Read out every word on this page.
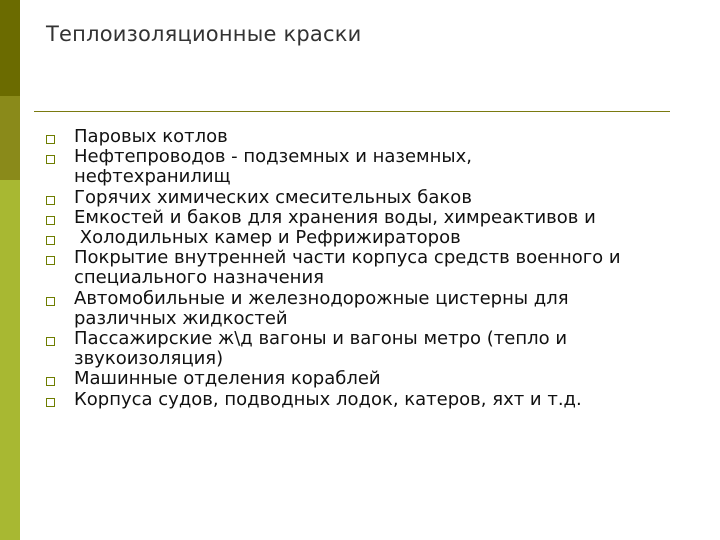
Теплоизоляционные краски
Паровых котлов
Нефтепроводов - подземных и наземных,
нефтехранилищ
Горячих химических смесительных баков
Емкостей и баков для хранения воды, химреактивов и
Холодильных камер и Рефрижираторов
Покрытие внутренней части корпуса средств военного и
специального назначения
Автомобильные и железнодорожные цистерны для
различных жидкостей
Пассажирские ж\д вагоны и вагоны метро (тепло и
звукоизоляция)
Машинные отделения кораблей
Корпуса судов, подводных лодок, катеров, яхт и т.д.
